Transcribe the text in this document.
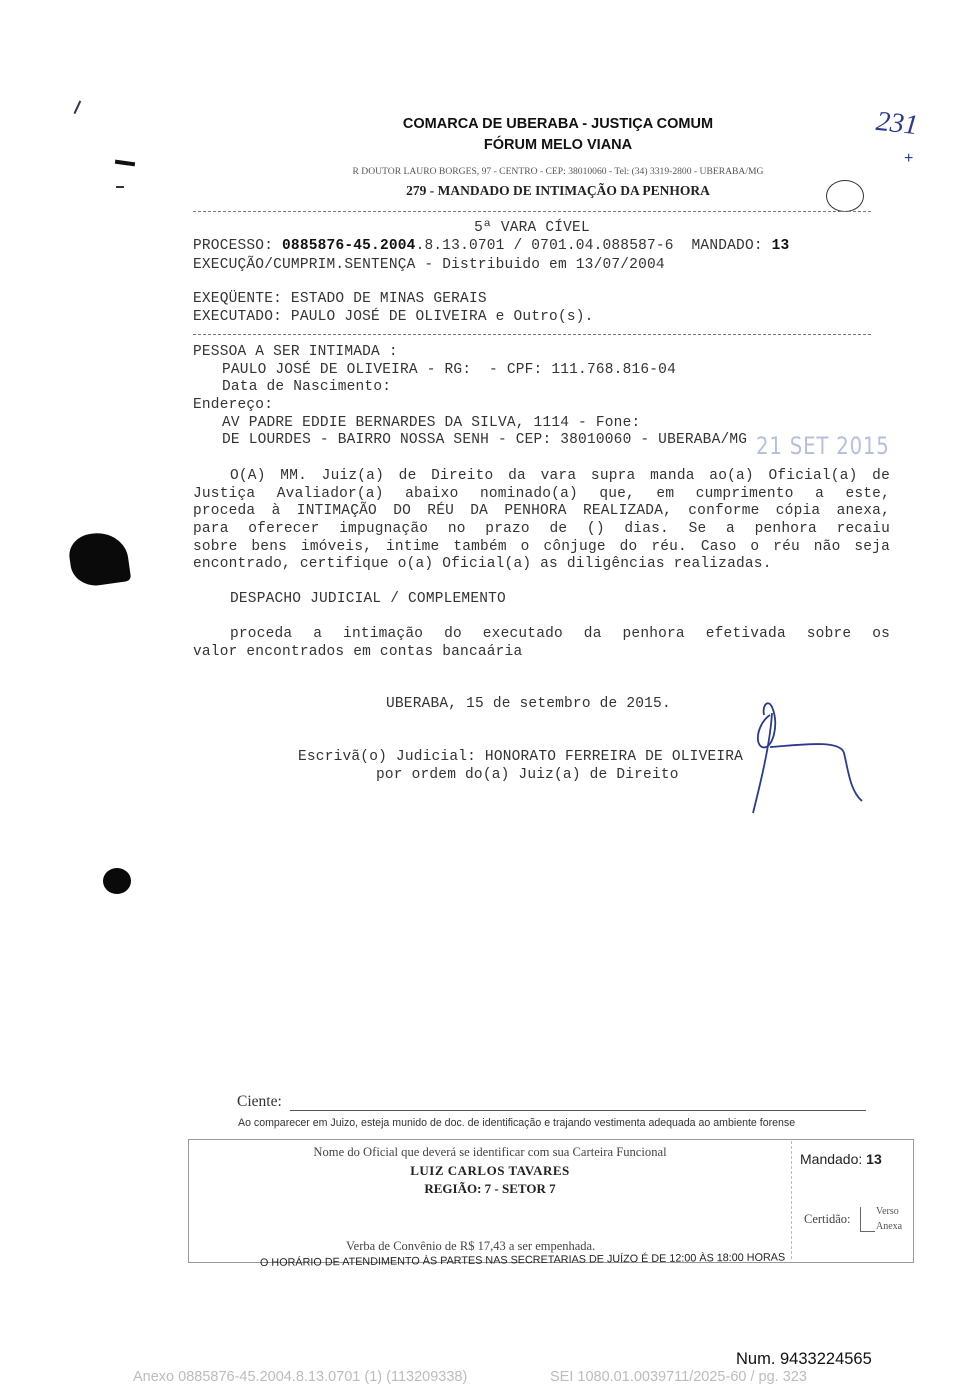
231
+
COMARCA DE UBERABA - JUSTIÇA COMUM
FÓRUM MELO VIANA
R DOUTOR LAURO BORGES, 97 - CENTRO - CEP: 38010060 - Tel: (34) 3319-2800 - UBERABA/MG
279 - MANDADO DE INTIMAÇÃO DA PENHORA
5ª VARA CÍVEL
PROCESSO: 0885876-45.2004.8.13.0701 / 0701.04.088587-6 MANDADO: 13
EXECUÇÃO/CUMPRIM.SENTENÇA - Distribuido em 13/07/2004
EXEQÜENTE: ESTADO DE MINAS GERAIS
EXECUTADO: PAULO JOSÉ DE OLIVEIRA e Outro(s).
PESSOA A SER INTIMADA :
PAULO JOSÉ DE OLIVEIRA - RG:  - CPF: 111.768.816-04
Data de Nascimento:
Endereço:
AV PADRE EDDIE BERNARDES DA SILVA, 1114 - Fone:
DE LOURDES - BAIRRO NOSSA SENH - CEP: 38010060 - UBERABA/MG 21 SET 2015
O(A) MM. Juiz(a) de Direito da vara supra manda ao(a) Oficial(a) de
Justiça Avaliador(a) abaixo nominado(a) que, em cumprimento a este,
proceda à INTIMAÇÃO DO RÉU DA PENHORA REALIZADA, conforme cópia anexa,
para oferecer impugnação no prazo de () dias. Se a penhora recaiu
sobre bens imóveis, intime também o cônjuge do réu. Caso o réu não seja
encontrado, certifique o(a) Oficial(a) as diligências realizadas.
DESPACHO JUDICIAL / COMPLEMENTO
proceda a intimação do executado da penhora efetivada sobre os
valor encontrados em contas bancaária
UBERABA, 15 de setembro de 2015.
Escrivã(o) Judicial: HONORATO FERREIRA DE OLIVEIRA
por ordem do(a) Juiz(a) de Direito
Ciente:
Ao comparecer em Juizo, esteja munido de doc. de identificação e trajando vestimenta adequada ao ambiente forense
Nome do Oficial que deverá se identificar com sua Carteira Funcional
LUIZ CARLOS TAVARES
REGIÃO: 7 - SETOR 7
Mandado: 13
Certidão:
Verso
Anexa
Verba de Convênio de R$ 17,43 a ser empenhada.
O HORÁRIO DE ATENDIMENTO ÀS PARTES NAS SECRETARIAS DE JUÍZO É DE 12:00 ÀS 18:00 HORAS
Num. 9433224565
Anexo 0885876-45.2004.8.13.0701 (1) (113209338)	SEI 1080.01.0039711/2025-60 / pg. 323
